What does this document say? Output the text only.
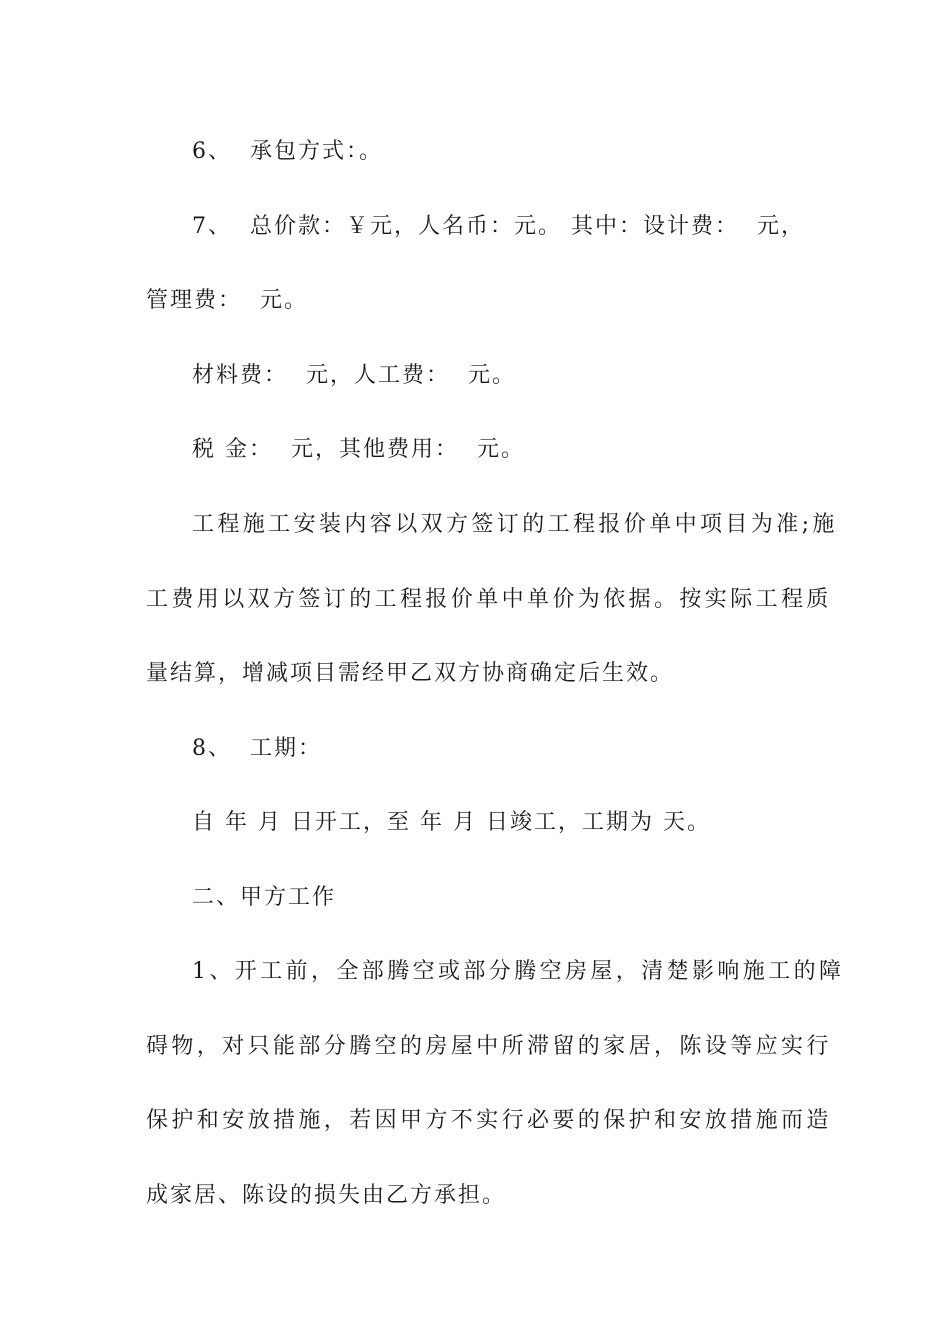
6、  承包方式：。

7、  总价款：￥元，人名币：元。 其中：设计费：  元，

管理费：  元。

材料费：  元，人工费：  元。

税 金：  元，其他费用：  元。

工程施工安装内容以双方签订的工程报价单中项目为准;施

工费用以双方签订的工程报价单中单价为依据。按实际工程质

量结算，增减项目需经甲乙双方协商确定后生效。

8、  工期：

自 年 月 日开工，至 年 月 日竣工，工期为 天。

二、甲方工作

1、开工前，全部腾空或部分腾空房屋，清楚影响施工的障

碍物，对只能部分腾空的房屋中所滞留的家居，陈设等应实行

保护和安放措施，若因甲方不实行必要的保护和安放措施而造

成家居、陈设的损失由乙方承担。
